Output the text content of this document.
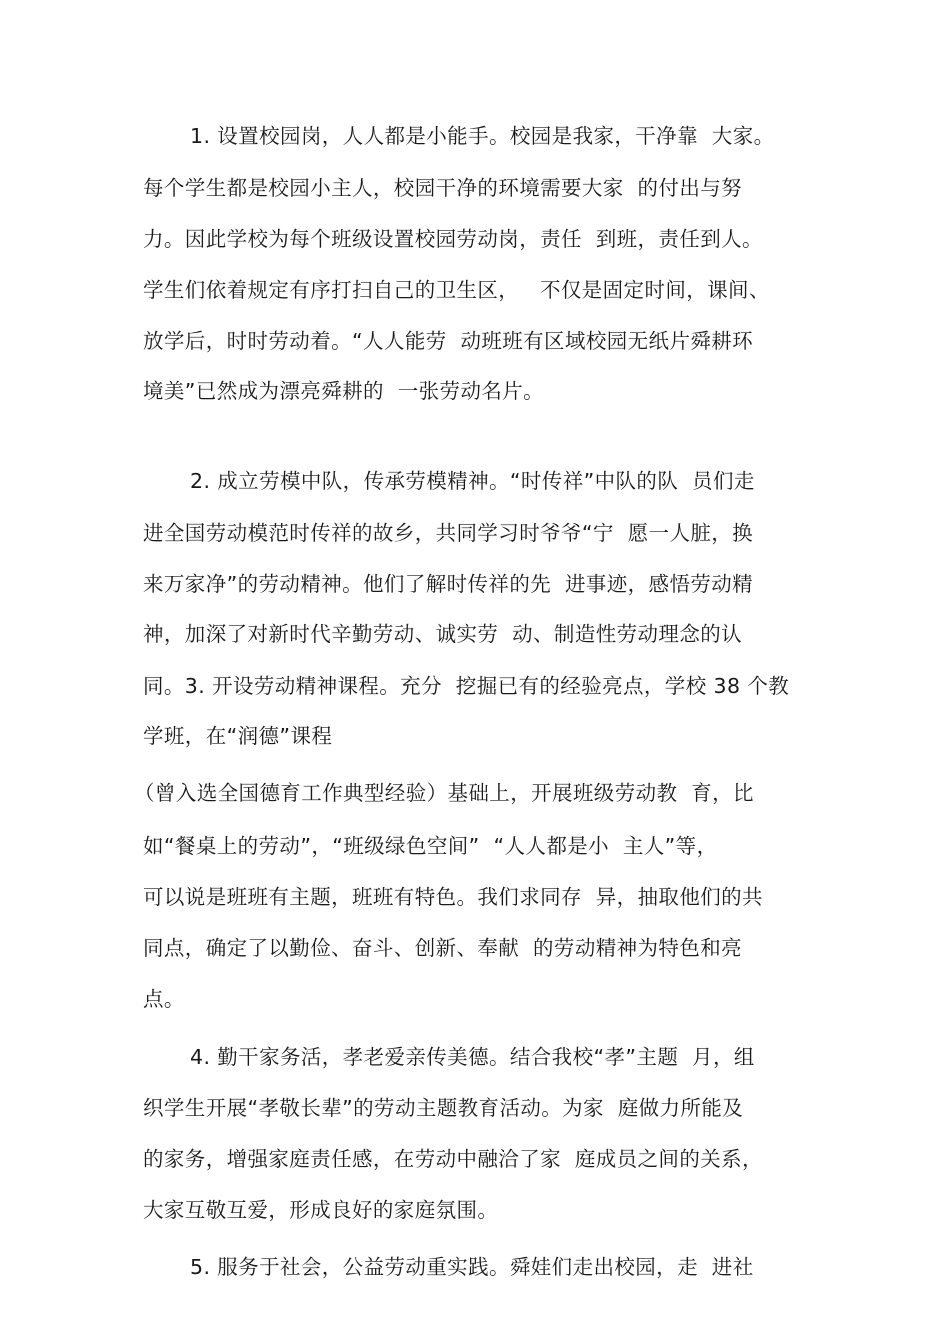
1. 设置校园岗，人人都是小能手。校园是我家，干净靠  大家。
每个学生都是校园小主人，校园干净的环境需要大家  的付出与努
力。因此学校为每个班级设置校园劳动岗，责任  到班，责任到人。
学生们依着规定有序打扫自己的卫生区，   不仅是固定时间，课间、
放学后，时时劳动着。“人人能劳  动班班有区域校园无纸片舜耕环
境美”已然成为漂亮舜耕的  一张劳动名片。
2. 成立劳模中队，传承劳模精神。“时传祥”中队的队  员们走
进全国劳动模范时传祥的故乡，共同学习时爷爷“宁  愿一人脏，换
来万家净”的劳动精神。他们了解时传祥的先  进事迹，感悟劳动精
神，加深了对新时代辛勤劳动、诚实劳  动、制造性劳动理念的认
同。3. 开设劳动精神课程。充分  挖掘已有的经验亮点，学校 38 个教
学班，在“润德”课程
（曾入选全国德育工作典型经验）基础上，开展班级劳动教  育，比
如“餐桌上的劳动”，“班级绿色空间”  “人人都是小  主人”等，
可以说是班班有主题，班班有特色。我们求同存  异，抽取他们的共
同点，确定了以勤俭、奋斗、创新、奉献  的劳动精神为特色和亮
点。
4. 勤干家务活，孝老爱亲传美德。结合我校“孝”主题  月，组
织学生开展“孝敬长辈”的劳动主题教育活动。为家  庭做力所能及
的家务，增强家庭责任感，在劳动中融洽了家  庭成员之间的关系，
大家互敬互爱，形成良好的家庭氛围。
5. 服务于社会，公益劳动重实践。舜娃们走出校园，走  进社
